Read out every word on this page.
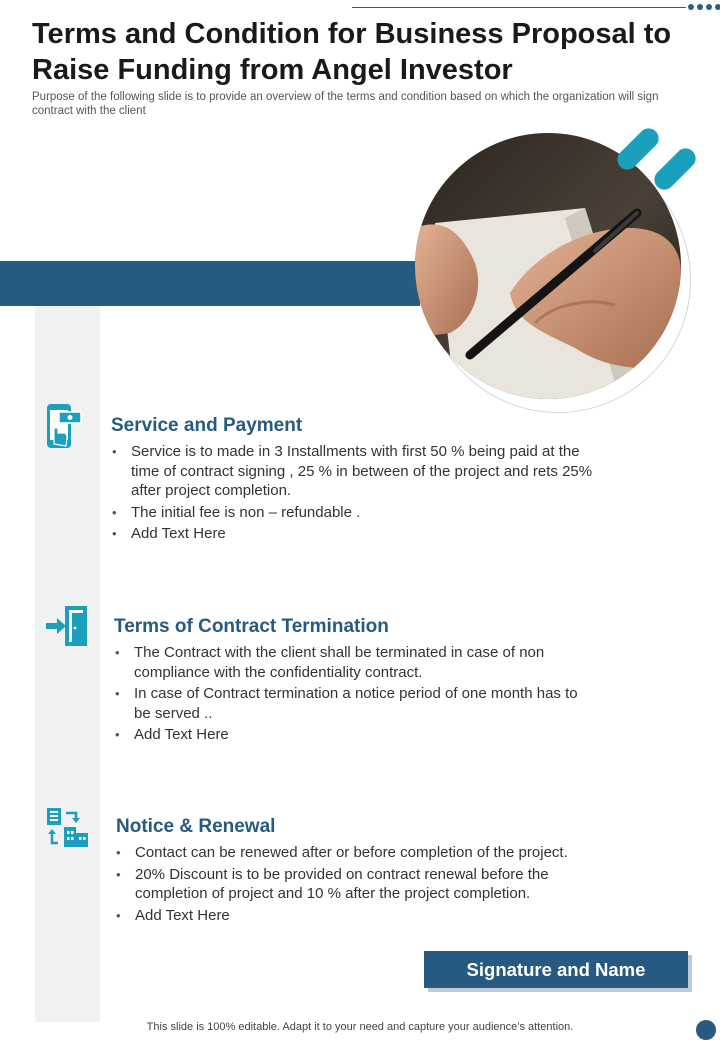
Terms and Condition for Business Proposal to Raise Funding from Angel Investor
Purpose of the following slide is to provide an overview of the terms and condition based on which the organization will sign contract with the client
Service and Payment
• Service is to made in 3 Installments with first 50 % being paid at the time of contract signing , 25 % in between of the project and rets 25% after project completion.
• The initial fee is non – refundable .
• Add Text Here
Terms of Contract Termination
• The Contract with the client shall be terminated in case of non compliance with the confidentiality contract.
• In case of Contract termination a notice period of one month has to be served ..
• Add Text Here
Notice & Renewal
• Contact can be renewed after or before completion of the project.
• 20% Discount is to be provided on contract renewal before the completion of project and 10 % after the project completion.
• Add Text Here
Signature and Name
This slide is 100% editable. Adapt it to your need and capture your audience’s attention.
